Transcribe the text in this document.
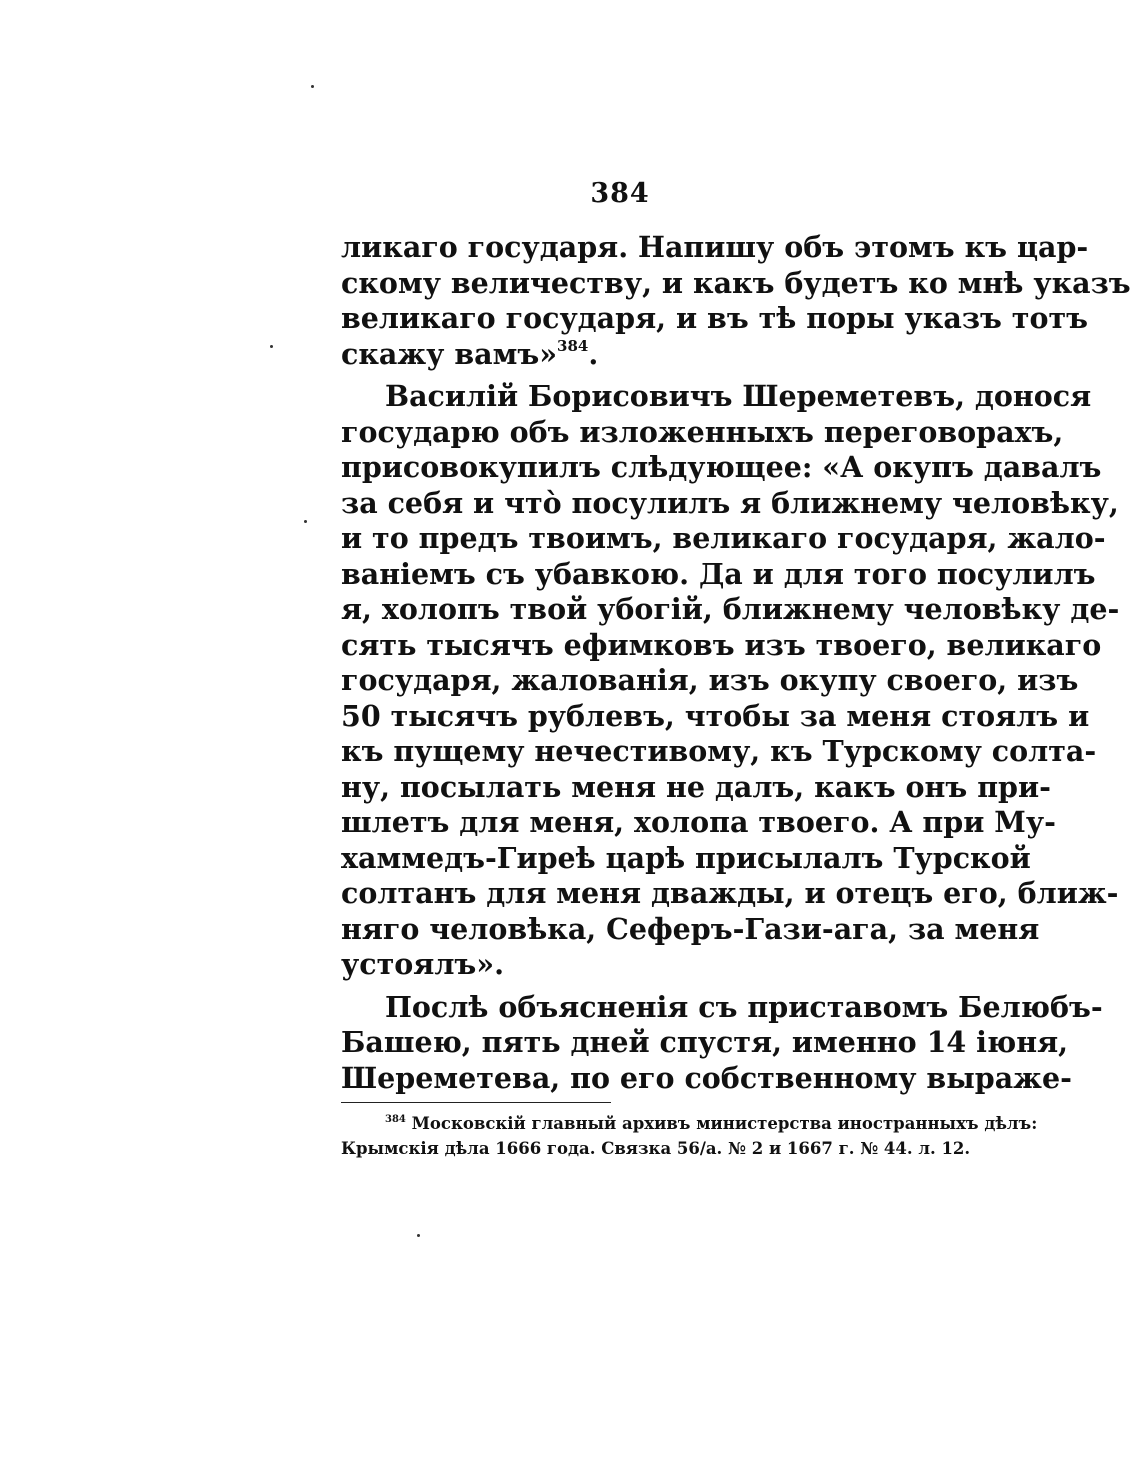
384
ликаго государя. Напишу объ этомъ къ цар-
скому величеству, и какъ будетъ ко мнѣ указъ
великаго государя, и въ тѣ поры указъ тотъ
скажу вамъ»$^{384}$.
Василій Борисовичъ Шереметевъ, донося
государю объ изложенныхъ переговорахъ,
присовокупилъ слѣдующее: «А окупъ давалъ
за себя и что̀ посулилъ я ближнему человѣку,
и то предъ твоимъ, великаго государя, жало-
ваніемъ съ убавкою. Да и для того посулилъ
я, холопъ твой убогій, ближнему человѣку де-
сять тысячъ ефимковъ изъ твоего, великаго
государя, жалованія, изъ окупу своего, изъ
50 тысячъ рублевъ, чтобы за меня стоялъ и
къ пущему нечестивому, къ Турскому солта-
ну, посылать меня не далъ, какъ онъ при-
шлетъ для меня, холопа твоего. А при Му-
хаммедъ-Гиреѣ царѣ присылалъ Турской
солтанъ для меня дважды, и отецъ его, ближ-
няго человѣка, Сеферъ-Гази-ага, за меня
устоялъ».
Послѣ объясненія съ приставомъ Белюбъ-
Башею, пять дней спустя, именно 14 іюня,
Шереметева, по его собственному выраже-
$^{384}$ Московскій главный архивъ министерства иностранныхъ дѣлъ:
Крымскія дѣла 1666 года. Связка 56/а. № 2 и 1667 г. № 44. л. 12.
